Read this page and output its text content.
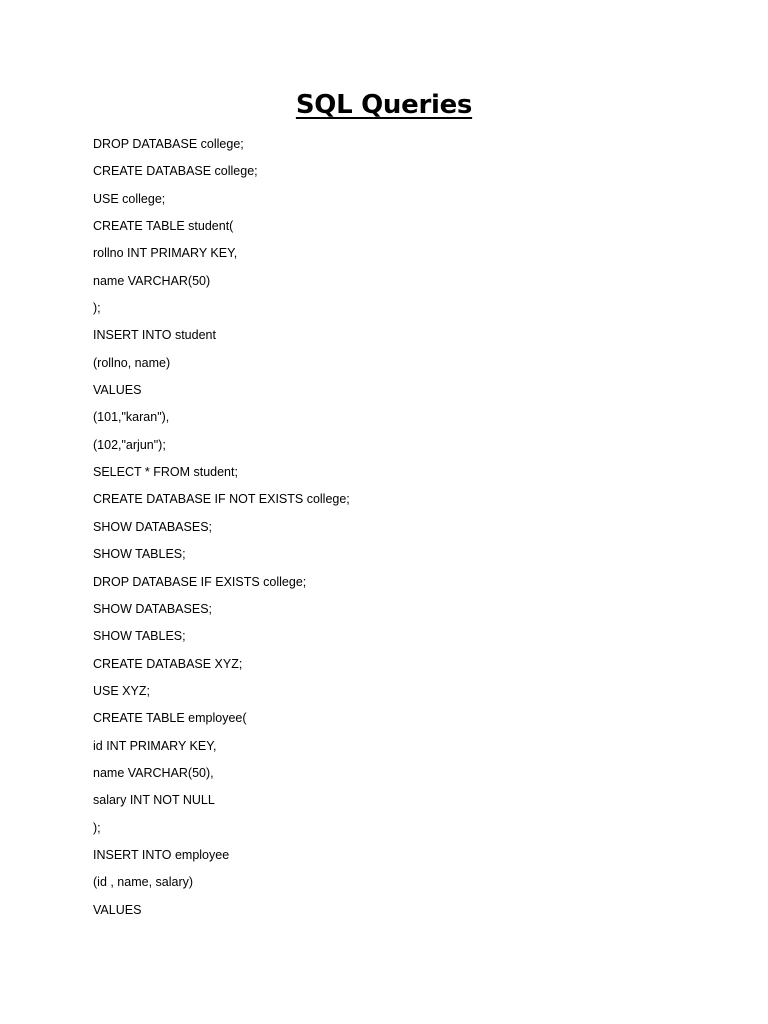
SQL Queries
DROP DATABASE college;
CREATE DATABASE college;
USE college;
CREATE TABLE student(
rollno INT PRIMARY KEY,
name VARCHAR(50)
);
INSERT INTO student
(rollno, name)
VALUES
(101,"karan"),
(102,"arjun");
SELECT * FROM student;
CREATE DATABASE IF NOT EXISTS college;
SHOW DATABASES;
SHOW TABLES;
DROP DATABASE IF EXISTS college;
SHOW DATABASES;
SHOW TABLES;
CREATE DATABASE XYZ;
USE XYZ;
CREATE TABLE employee(
id INT PRIMARY KEY,
name VARCHAR(50),
salary INT NOT NULL
);
INSERT INTO employee
(id , name, salary)
VALUES
